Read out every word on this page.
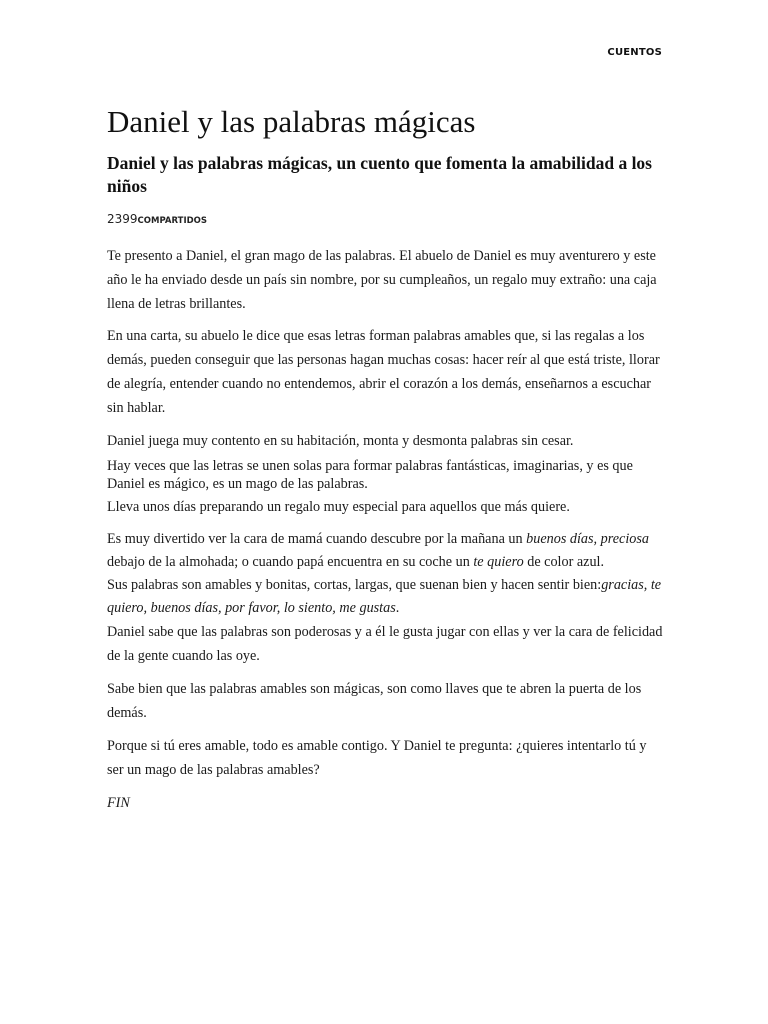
CUENTOS
Daniel y las palabras mágicas
Daniel y las palabras mágicas, un cuento que fomenta la amabilidad a los niños
2399COMPARTIDOS

Te presento a Daniel, el gran mago de las palabras. El abuelo de Daniel es muy aventurero y este año le ha enviado desde un país sin nombre, por su cumpleaños, un regalo muy extraño: una caja llena de letras brillantes.

En una carta, su abuelo le dice que esas letras forman palabras amables que, si las regalas a los demás, pueden conseguir que las personas hagan muchas cosas: hacer reír al que está triste, llorar de alegría, entender cuando no entendemos, abrir el corazón a los demás, enseñarnos a escuchar sin hablar.

Daniel juega muy contento en su habitación, monta y desmonta palabras sin cesar.

Hay veces que las letras se unen solas para formar palabras fantásticas, imaginarias, y es que Daniel es mágico, es un mago de las palabras.

Lleva unos días preparando un regalo muy especial para aquellos que más quiere.

Es muy divertido ver la cara de mamá cuando descubre por la mañana un buenos días, preciosa debajo de la almohada; o cuando papá encuentra en su coche un te quiero de color azul.

Sus palabras son amables y bonitas, cortas, largas, que suenan bien y hacen sentir bien:gracias, te quiero, buenos días, por favor, lo siento, me gustas.

Daniel sabe que las palabras son poderosas y a él le gusta jugar con ellas y ver la cara de felicidad de la gente cuando las oye.

Sabe bien que las palabras amables son mágicas, son como llaves que te abren la puerta de los demás.

Porque si tú eres amable, todo es amable contigo. Y Daniel te pregunta: ¿quieres intentarlo tú y ser un mago de las palabras amables?

FIN
